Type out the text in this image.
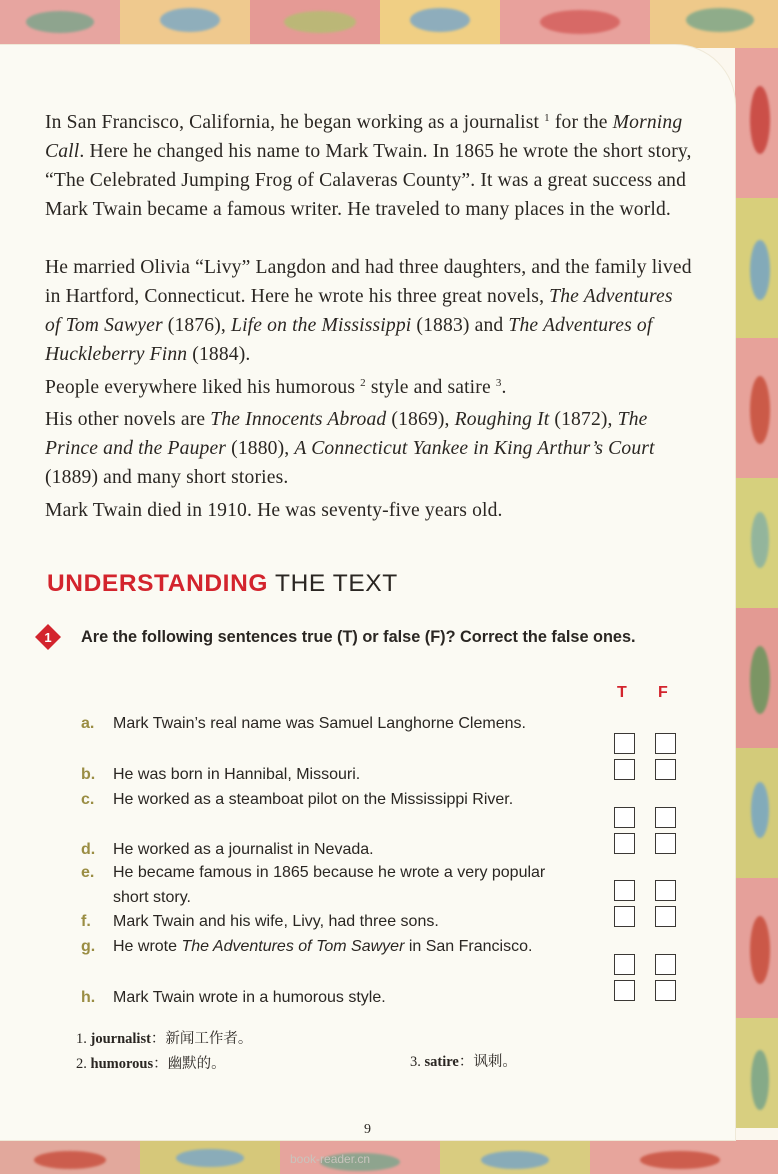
In San Francisco, California, he began working as a journalist $^1$ for the Morning Call. Here he changed his name to Mark Twain. In 1865 he wrote the short story, “The Celebrated Jumping Frog of Calaveras County”. It was a great success and Mark Twain became a famous writer. He traveled to many places in the world.

He married Olivia “Livy” Langdon and had three daughters, and the family lived in Hartford, Connecticut. Here he wrote his three great novels, The Adventures of Tom Sawyer (1876), Life on the Mississippi (1883) and The Adventures of Huckleberry Finn (1884).

People everywhere liked his humorous $^2$ style and satire $^3$.

His other novels are The Innocents Abroad (1869), Roughing It (1872), The Prince and the Pauper (1880), A Connecticut Yankee in King Arthur’s Court (1889) and many short stories.

Mark Twain died in 1910. He was seventy-five years old.

UNDERSTANDING THE TEXT
1 Are the following sentences true (T) or false (F)? Correct the false ones.

T F
a.	Mark Twain’s real name was Samuel Langhorne Clemens.
b.	He was born in Hannibal, Missouri.
c.	He worked as a steamboat pilot on the Mississippi River.
d.	He worked as a journalist in Nevada.
e.	He became famous in 1865 because he wrote a very popular short story.
f.	Mark Twain and his wife, Livy, had three sons.
g.	He wrote The Adventures of Tom Sawyer in San Francisco.
h.	Mark Twain wrote in a humorous style.
1. journalist：新闻工作者。
2. humorous：幽默的。	3. satire：讽刺。
9
book-reader.cn
